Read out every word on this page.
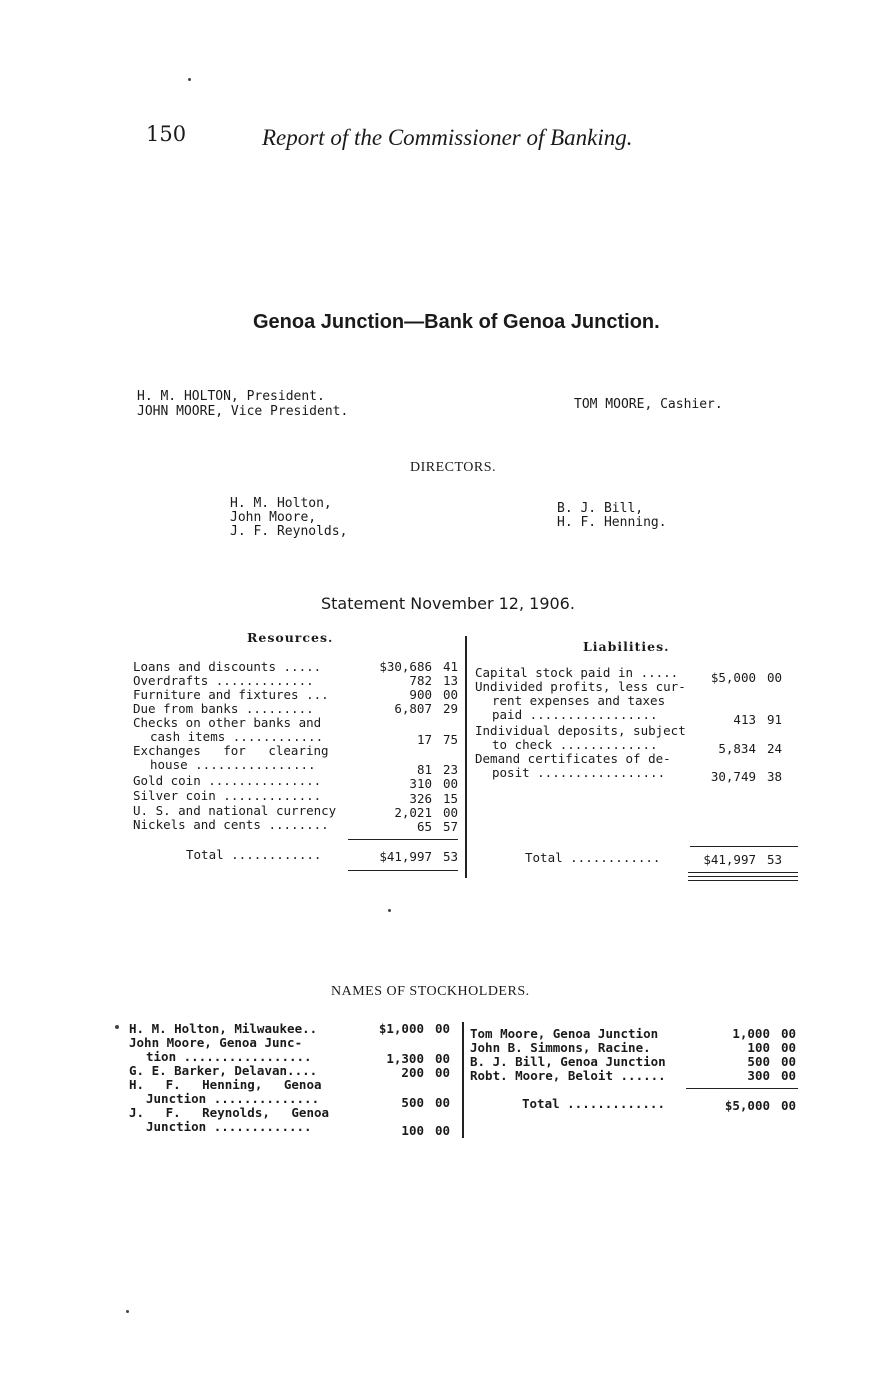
150	Report of the Commissioner of Banking.
Genoa Junction—Bank of Genoa Junction.
H. M. HOLTON, President.
JOHN MOORE, Vice President.	TOM MOORE, Cashier.
DIRECTORS.
H. M. Holton,
John Moore,
J. F. Reynolds,
B. J. Bill,
H. F. Henning.
Statement November 12, 1906.
Resources.
Loans and discounts .....	$30,686 41
Overdrafts .............	782 13
Furniture and fixtures ...	900 00
Due from banks .........	6,807 29
Checks on other banks and
cash items ............	17 75
Exchanges for clearing
house ................	81 23
Gold coin ...............	310 00
Silver coin .............	326 15
U. S. and national currency	2,021 00
Nickels and cents ........	65 57
Total ............	$41,997 53
Liabilities.
Capital stock paid in .....	$5,000 00
Undivided profits, less cur-
rent expenses and taxes
paid .................	413 91
Individual deposits, subject
to check .............	5,834 24
Demand certificates of de-
posit .................	30,749 38
Total ............	$41,997 53
NAMES OF STOCKHOLDERS.
H. M. Holton, Milwaukee..	$1,000 00
John Moore, Genoa Junc-
tion .................	1,300 00
G. E. Barker, Delavan....	200 00
H. F. Henning, Genoa
Junction ..............	500 00
J. F. Reynolds, Genoa
Junction .............	100 00
Tom Moore, Genoa Junction	1,000 00
John B. Simmons, Racine.	100 00
B. J. Bill, Genoa Junction	500 00
Robt. Moore, Beloit ......	300 00
Total .............	$5,000 00
